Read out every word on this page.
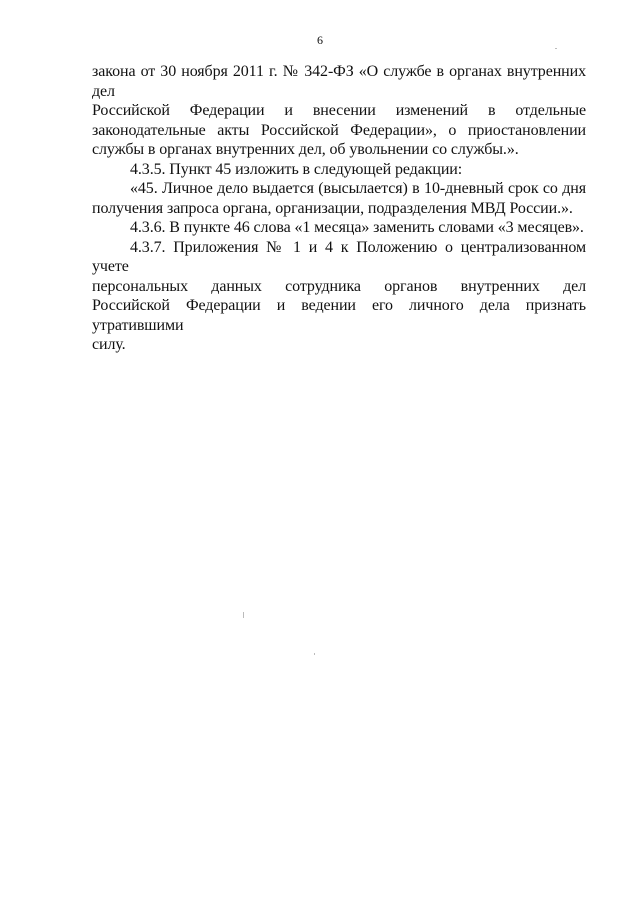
6

закона от 30 ноября 2011 г. № 342-ФЗ «О службе в органах внутренних дел
Российской Федерации и внесении изменений в отдельные
законодательные акты Российской Федерации», о приостановлении
службы в органах внутренних дел, об увольнении со службы.».

4.3.5. Пункт 45 изложить в следующей редакции:

«45. Личное дело выдается (высылается) в 10-дневный срок со дня
получения запроса органа, организации, подразделения МВД России.».

4.3.6. В пункте 46 слова «1 месяца» заменить словами «3 месяцев».

4.3.7. Приложения № 1 и 4 к Положению о централизованном учете
персональных данных сотрудника органов внутренних дел
Российской Федерации и ведении его личного дела признать утратившими
силу.
